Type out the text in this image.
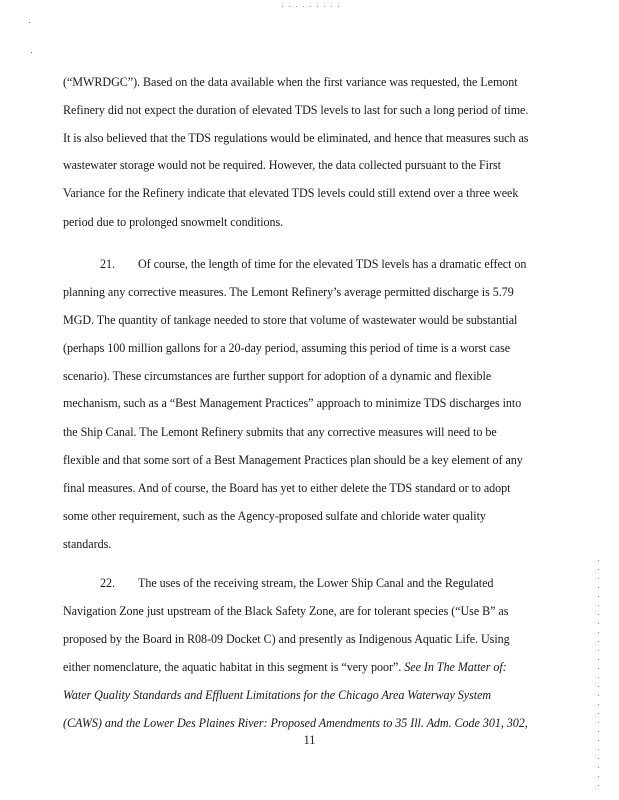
(“MWRDGC”). Based on the data available when the first variance was requested, the Lemont
Refinery did not expect the duration of elevated TDS levels to last for such a long period of time.
It is also believed that the TDS regulations would be eliminated, and hence that measures such as
wastewater storage would not be required. However, the data collected pursuant to the First
Variance for the Refinery indicate that elevated TDS levels could still extend over a three week
period due to prolonged snowmelt conditions.
21. Of course, the length of time for the elevated TDS levels has a dramatic effect on
planning any corrective measures. The Lemont Refinery’s average permitted discharge is 5.79
MGD. The quantity of tankage needed to store that volume of wastewater would be substantial
(perhaps 100 million gallons for a 20-day period, assuming this period of time is a worst case
scenario). These circumstances are further support for adoption of a dynamic and flexible
mechanism, such as a “Best Management Practices” approach to minimize TDS discharges into
the Ship Canal. The Lemont Refinery submits that any corrective measures will need to be
flexible and that some sort of a Best Management Practices plan should be a key element of any
final measures. And of course, the Board has yet to either delete the TDS standard or to adopt
some other requirement, such as the Agency-proposed sulfate and chloride water quality
standards.
22. The uses of the receiving stream, the Lower Ship Canal and the Regulated
Navigation Zone just upstream of the Black Safety Zone, are for tolerant species (“Use B” as
proposed by the Board in R08-09 Docket C) and presently as Indigenous Aquatic Life. Using
either nomenclature, the aquatic habitat in this segment is “very poor”. See In The Matter of:
Water Quality Standards and Effluent Limitations for the Chicago Area Waterway System
(CAWS) and the Lower Des Plaines River: Proposed Amendments to 35 Ill. Adm. Code 301, 302,
11
